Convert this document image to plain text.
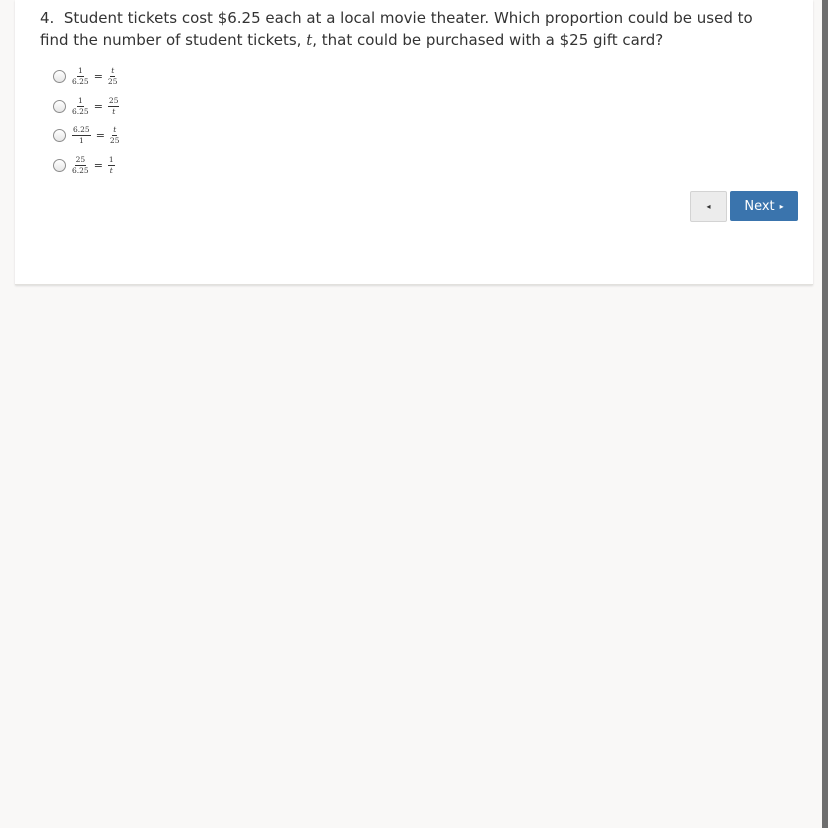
4. Student tickets cost $6.25 each at a local movie theater. Which proportion could be used to find the number of student tickets, t, that could be purchased with a $25 gift card?
$\frac{1}{6.25} = \frac{t}{25}$
$\frac{1}{6.25} = \frac{25}{t}$
$\frac{6.25}{1} = \frac{t}{25}$
$\frac{25}{6.25} = \frac{1}{t}$
◂	Next ▸
